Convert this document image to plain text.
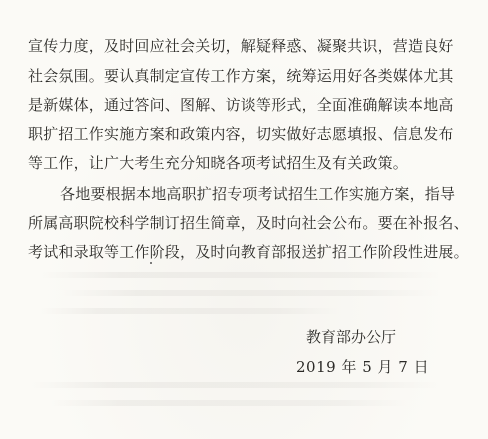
宣传力度，及时回应社会关切，解疑释惑、凝聚共识，营造良好
社会氛围。要认真制定宣传工作方案，统筹运用好各类媒体尤其
是新媒体，通过答问、图解、访谈等形式，全面准确解读本地高
职扩招工作实施方案和政策内容，切实做好志愿填报、信息发布
等工作，让广大考生充分知晓各项考试招生及有关政策。
各地要根据本地高职扩招专项考试招生工作实施方案，指导
所属高职院校科学制订招生简章，及时向社会公布。要在补报名、
考试和录取等工作阶段，及时向教育部报送扩招工作阶段性进展。
教育部办公厅
2019 年 5 月 7 日
